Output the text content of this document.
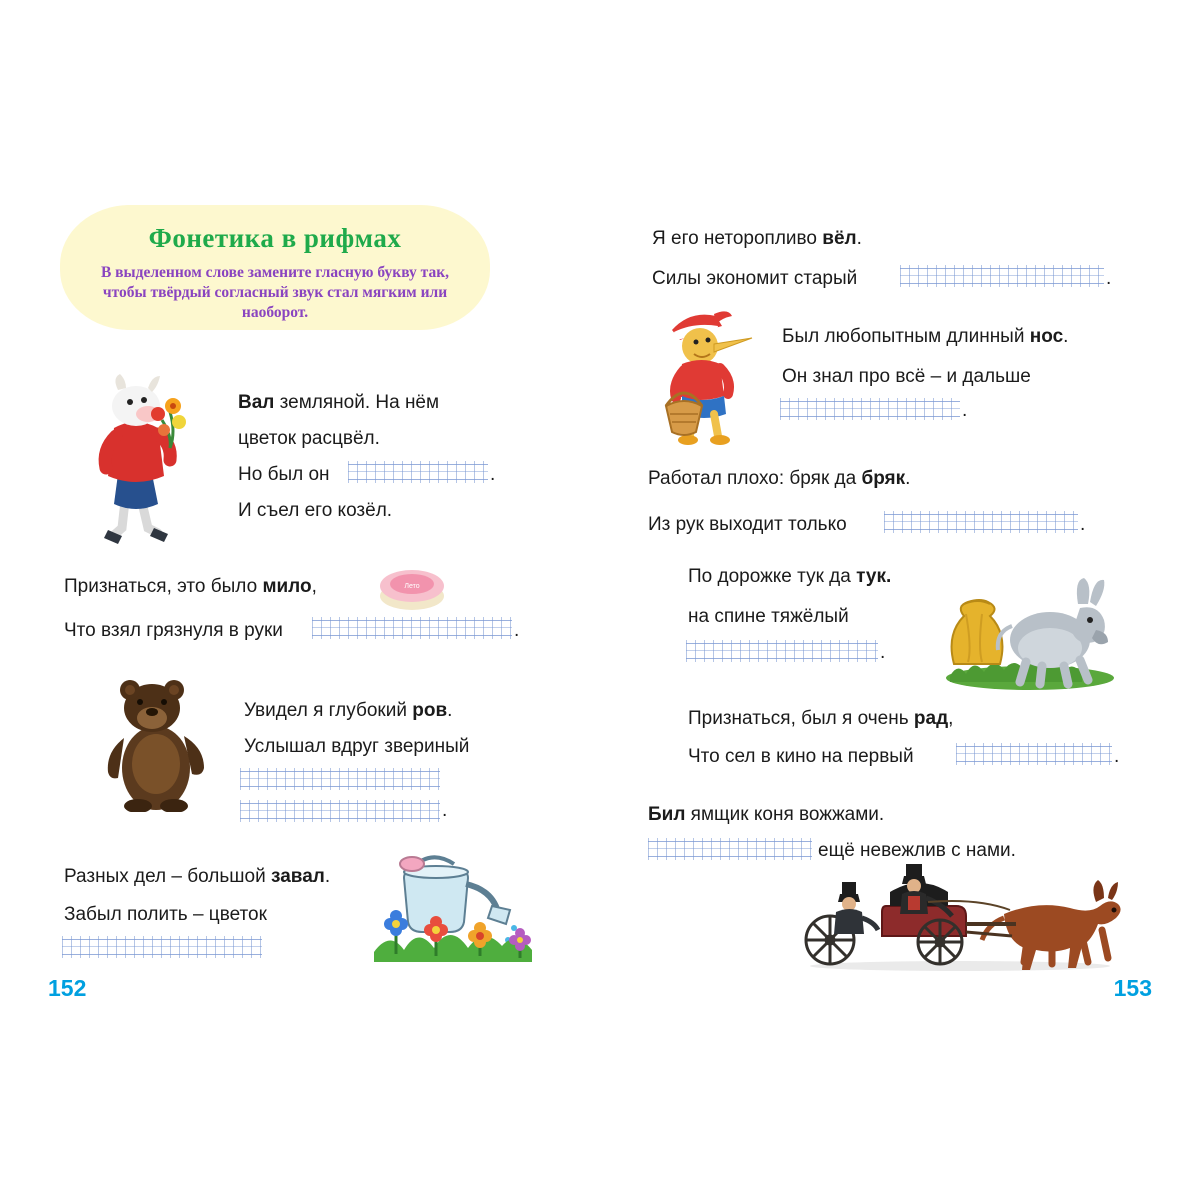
Фонетика в рифмах
В выделенном слове замените гласную букву так, чтобы твёрдый согласный звук стал мягким или наоборот.
Вал земляной. На нём
цветок расцвёл.
Но был он	.
И съел его козёл.
Лето
Признаться, это было мило,
Что взял грязнуля в руки	.
Увидел я глубокий ров.
Услышал вдруг звериный
.
Разных дел – большой завал.
Забыл полить – цветок
152
Я его неторопливо вёл.
Силы экономит старый	.
Был любопытным длинный нос.
Он знал про всё – и дальше
.
Работал плохо: бряк да бряк.
Из рук выходит только	.
По дорожке тук да тук.
на спине тяжёлый
.
Признаться, был я очень рад,
Что сел в кино на первый	.
Бил ямщик коня вожжами.
ещё невежлив с нами.
153
